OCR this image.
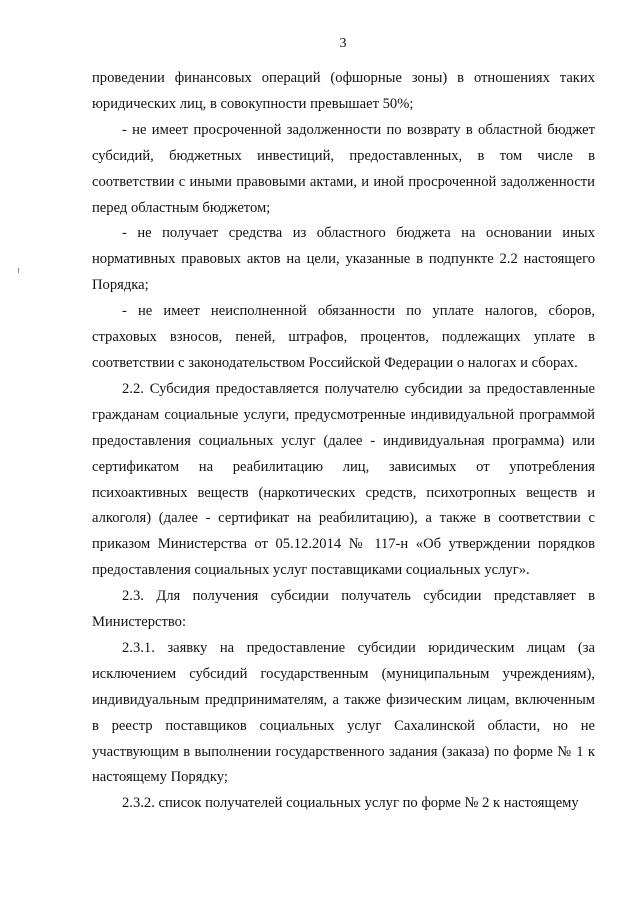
3

проведении финансовых операций (офшорные зоны) в отношениях таких юридических лиц, в совокупности превышает 50%;

- не имеет просроченной задолженности по возврату в областной бюджет субсидий, бюджетных инвестиций, предоставленных, в том числе в соответствии с иными правовыми актами, и иной просроченной задолженности перед областным бюджетом;

- не получает средства из областного бюджета на основании иных нормативных правовых актов на цели, указанные в подпункте 2.2 настоящего Порядка;

- не имеет неисполненной обязанности по уплате налогов, сборов, страховых взносов, пеней, штрафов, процентов, подлежащих уплате в соответствии с законодательством Российской Федерации о налогах и сборах.

2.2. Субсидия предоставляется получателю субсидии за предоставленные гражданам социальные услуги, предусмотренные индивидуальной программой предоставления социальных услуг (далее - индивидуальная программа) или сертификатом на реабилитацию лиц, зависимых от употребления психоактивных веществ (наркотических средств, психотропных веществ и алкоголя) (далее - сертификат на реабилитацию), а также в соответствии с приказом Министерства от 05.12.2014 № 117-н «Об утверждении порядков предоставления социальных услуг поставщиками социальных услуг».

2.3. Для получения субсидии получатель субсидии представляет в Министерство:

2.3.1. заявку на предоставление субсидии юридическим лицам (за исключением субсидий государственным (муниципальным учреждениям), индивидуальным предпринимателям, а также физическим лицам, включенным в реестр поставщиков социальных услуг Сахалинской области, но не участвующим в выполнении государственного задания (заказа) по форме № 1 к настоящему Порядку;

2.3.2. список получателей социальных услуг по форме № 2 к настоящему
